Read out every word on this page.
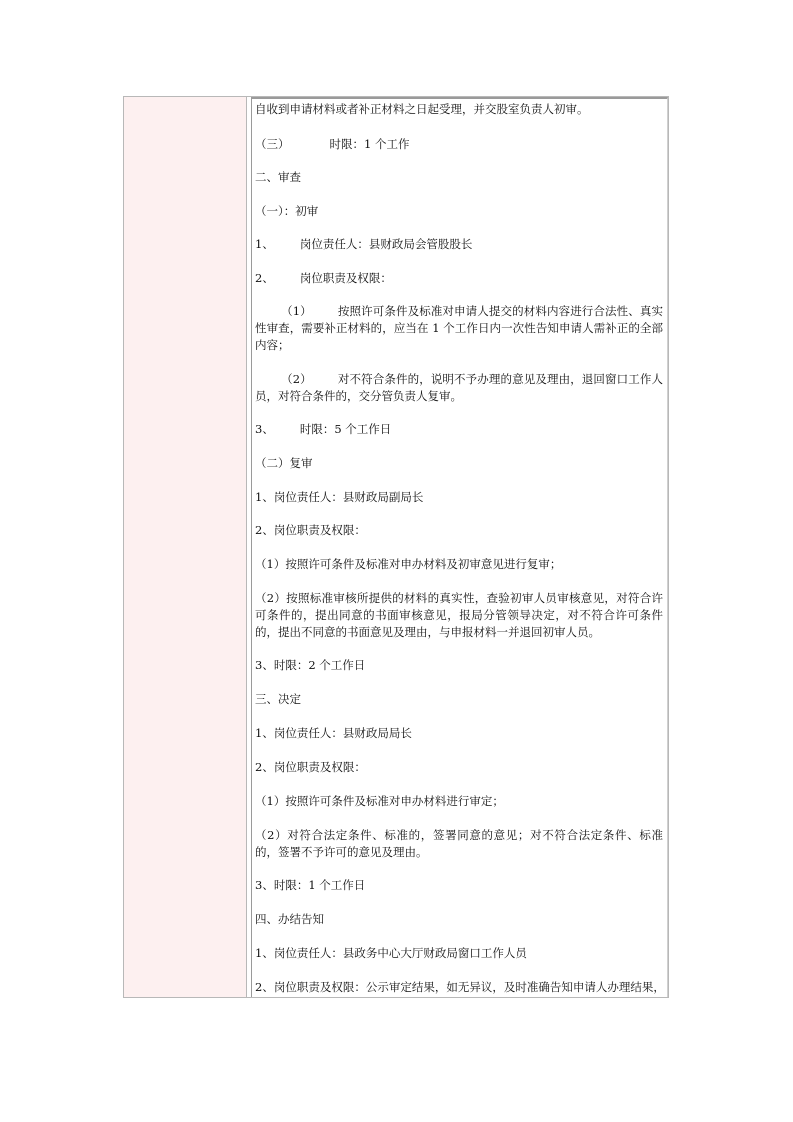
自收到申请材料或者补正材料之日起受理，并交股室负责人初审。
（三）	时限：1 个工作
二、审查
（一）：初审
1、 岗位责任人：县财政局会管股股长
2、 岗位职责及权限：
（1） 按照许可条件及标准对申请人提交的材料内容进行合法性、真实性审查，需要补正材料的，应当在 1 个工作日内一次性告知申请人需补正的全部内容；
（2） 对不符合条件的，说明不予办理的意见及理由，退回窗口工作人员，对符合条件的，交分管负责人复审。
3、 时限：5 个工作日
（二）复审
1、岗位责任人：县财政局副局长
2、岗位职责及权限：
（1）按照许可条件及标准对申办材料及初审意见进行复审；
（2）按照标准审核所提供的材料的真实性，查验初审人员审核意见，对符合许可条件的，提出同意的书面审核意见，报局分管领导决定，对不符合许可条件的，提出不同意的书面意见及理由，与申报材料一并退回初审人员。
3、时限：2 个工作日
三、决定
1、岗位责任人：县财政局局长
2、岗位职责及权限：
（1）按照许可条件及标准对申办材料进行审定；
（2）对符合法定条件、标准的，签署同意的意见；对不符合法定条件、标准的，签署不予许可的意见及理由。
3、时限：1 个工作日
四、办结告知
1、岗位责任人：县政务中心大厅财政局窗口工作人员
2、岗位职责及权限：公示审定结果，如无异议，及时准确告知申请人办理结果，
